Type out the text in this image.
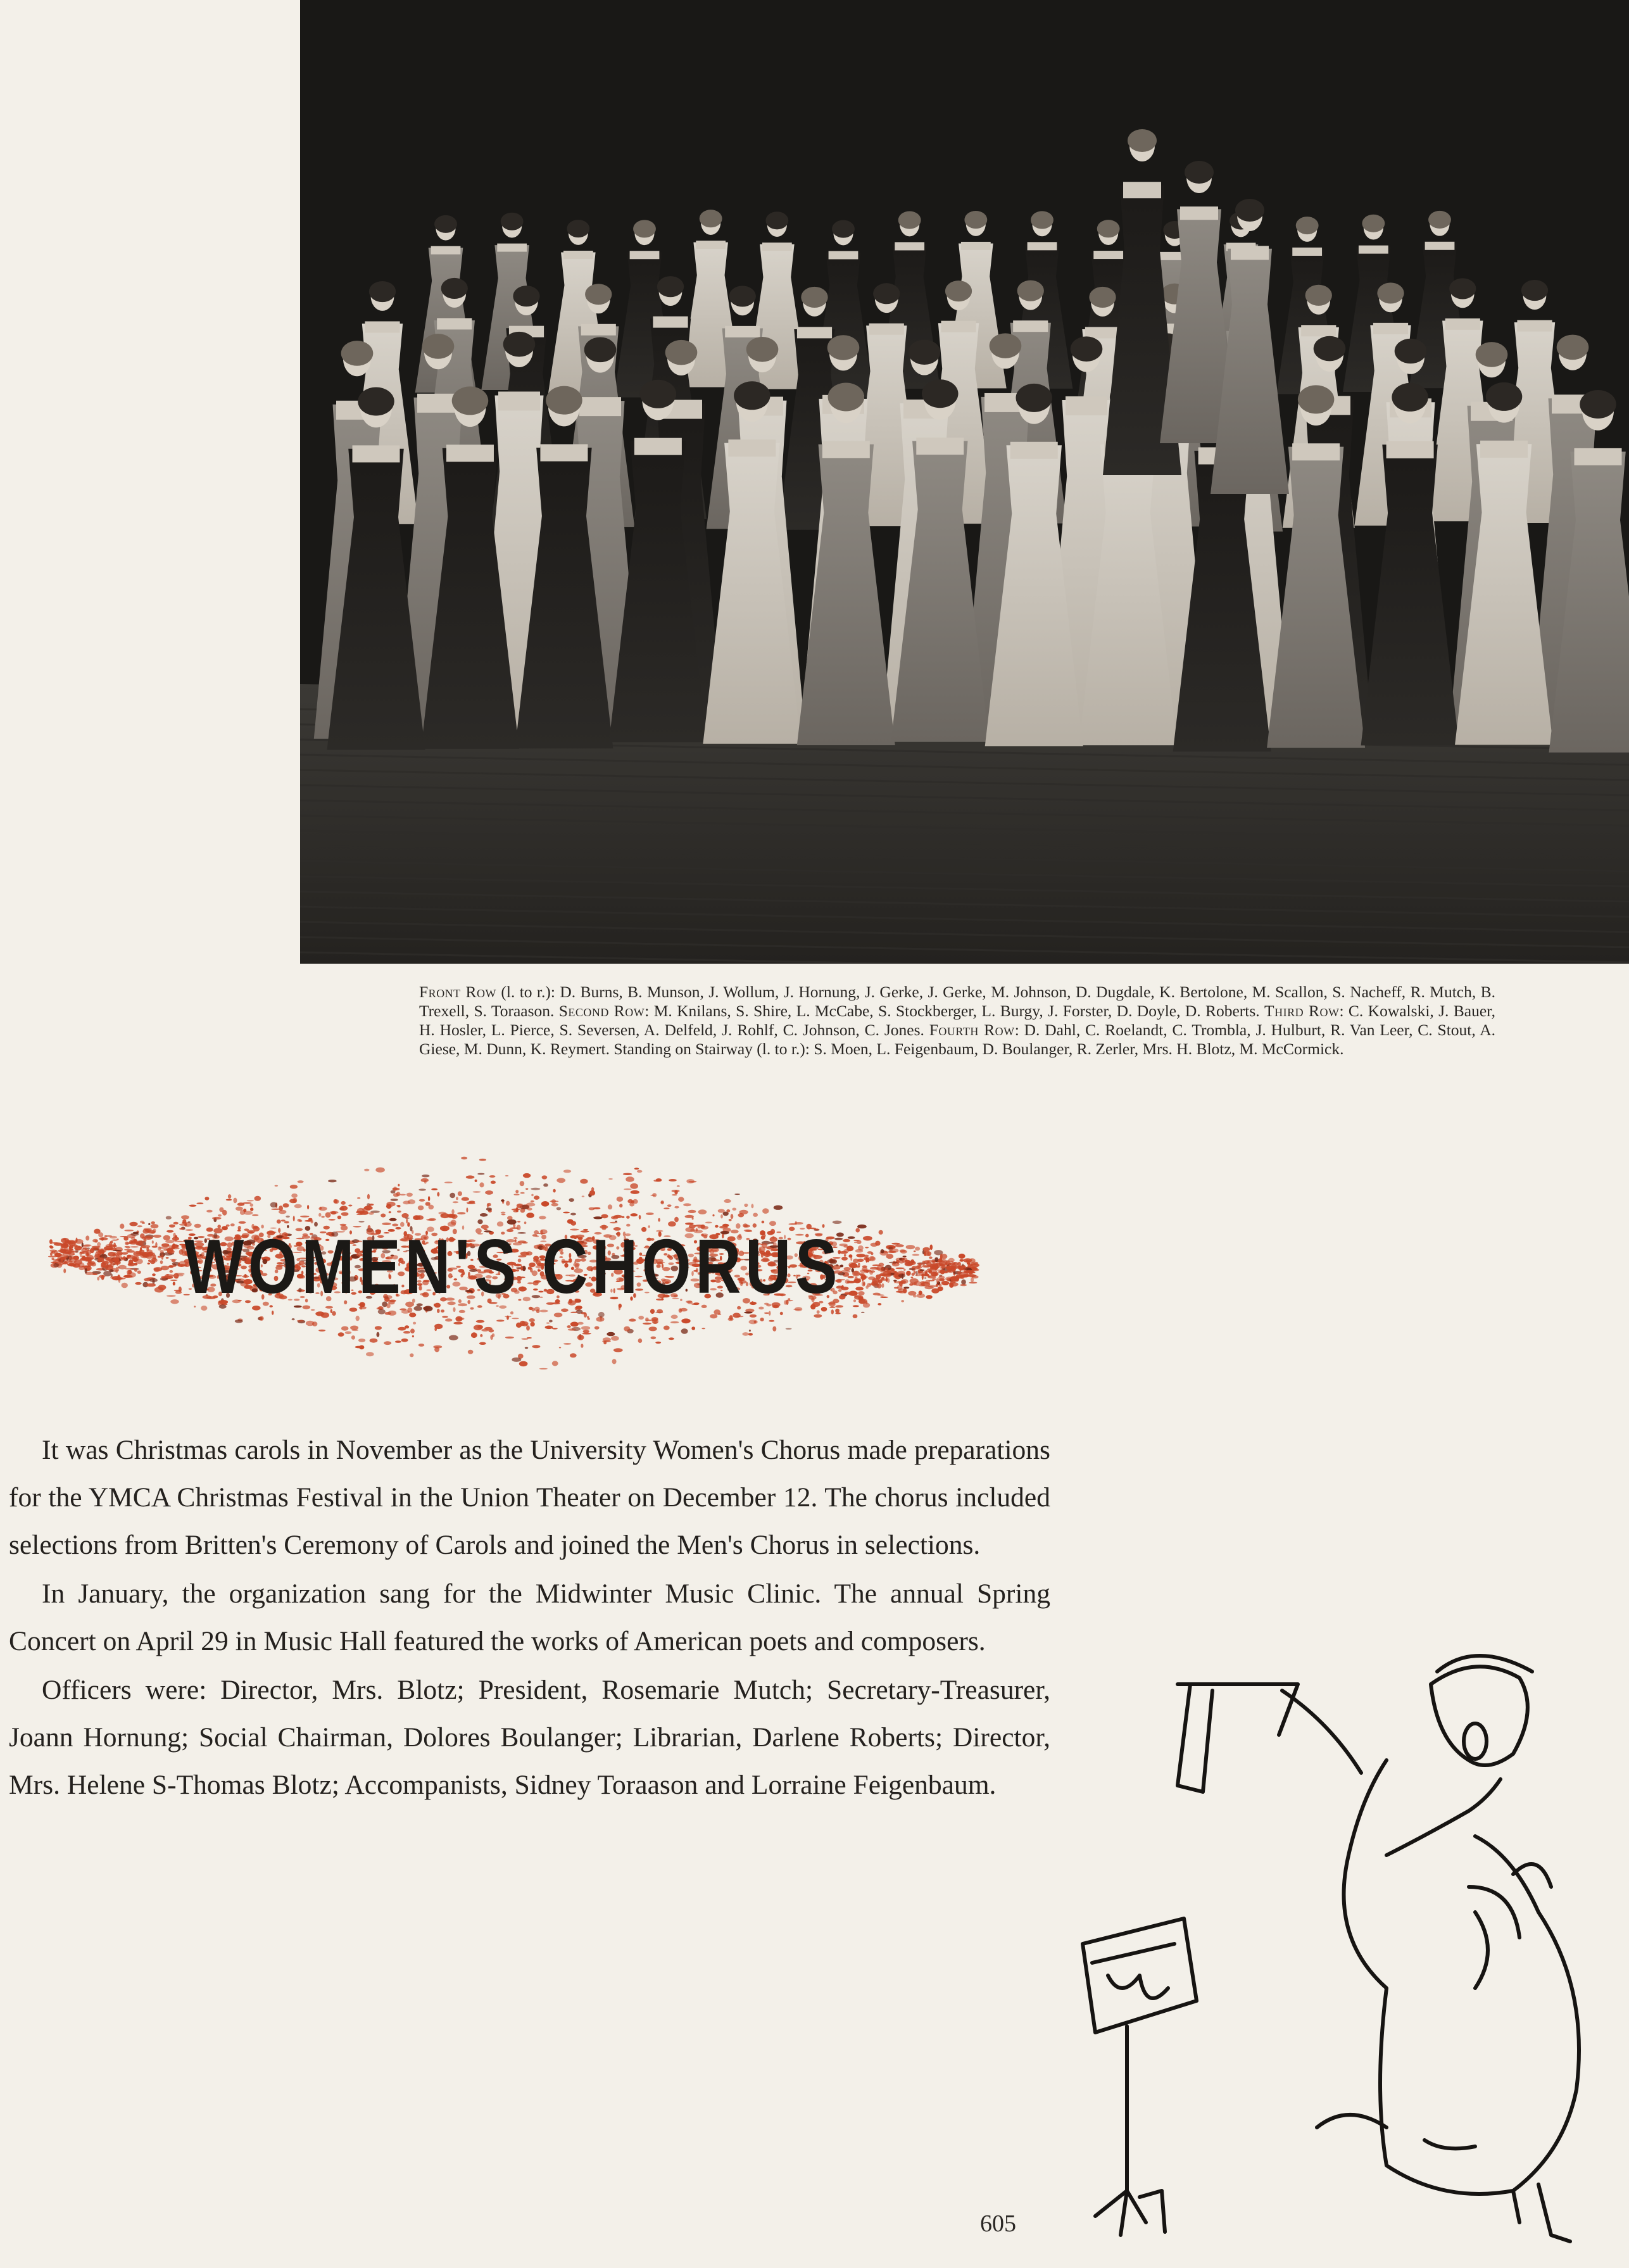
Front Row (l. to r.): D. Burns, B. Munson, J. Wollum, J. Hornung, J. Gerke, J. Gerke, M. Johnson, D. Dugdale, K. Bertolone, M. Scallon, S. Nacheff, R. Mutch, B. Trexell, S. Toraason. Second Row: M. Knilans, S. Shire, L. McCabe, S. Stockberger, L. Burgy, J. Forster, D. Doyle, D. Roberts. Third Row: C. Kowalski, J. Bauer, H. Hosler, L. Pierce, S. Seversen, A. Delfeld, J. Rohlf, C. Johnson, C. Jones. Fourth Row: D. Dahl, C. Roelandt, C. Trombla, J. Hulburt, R. Van Leer, C. Stout, A. Giese, M. Dunn, K. Reymert. Standing on Stairway (l. to r.): S. Moen, L. Feigenbaum, D. Boulanger, R. Zerler, Mrs. H. Blotz, M. McCormick.

WOMEN'S CHORUS

It was Christmas carols in November as the University Women's Chorus made preparations for the YMCA Christmas Festival in the Union Theater on December 12. The chorus included selections from Britten's Ceremony of Carols and joined the Men's Chorus in selections.

In January, the organization sang for the Midwinter Music Clinic. The annual Spring Concert on April 29 in Music Hall featured the works of American poets and composers.

Officers were: Director, Mrs. Blotz; President, Rosemarie Mutch; Secretary-Treasurer, Joann Hornung; Social Chairman, Dolores Boulanger; Librarian, Darlene Roberts; Director, Mrs. Helene S-Thomas Blotz; Accompanists, Sidney Toraason and Lorraine Feigenbaum.

605
